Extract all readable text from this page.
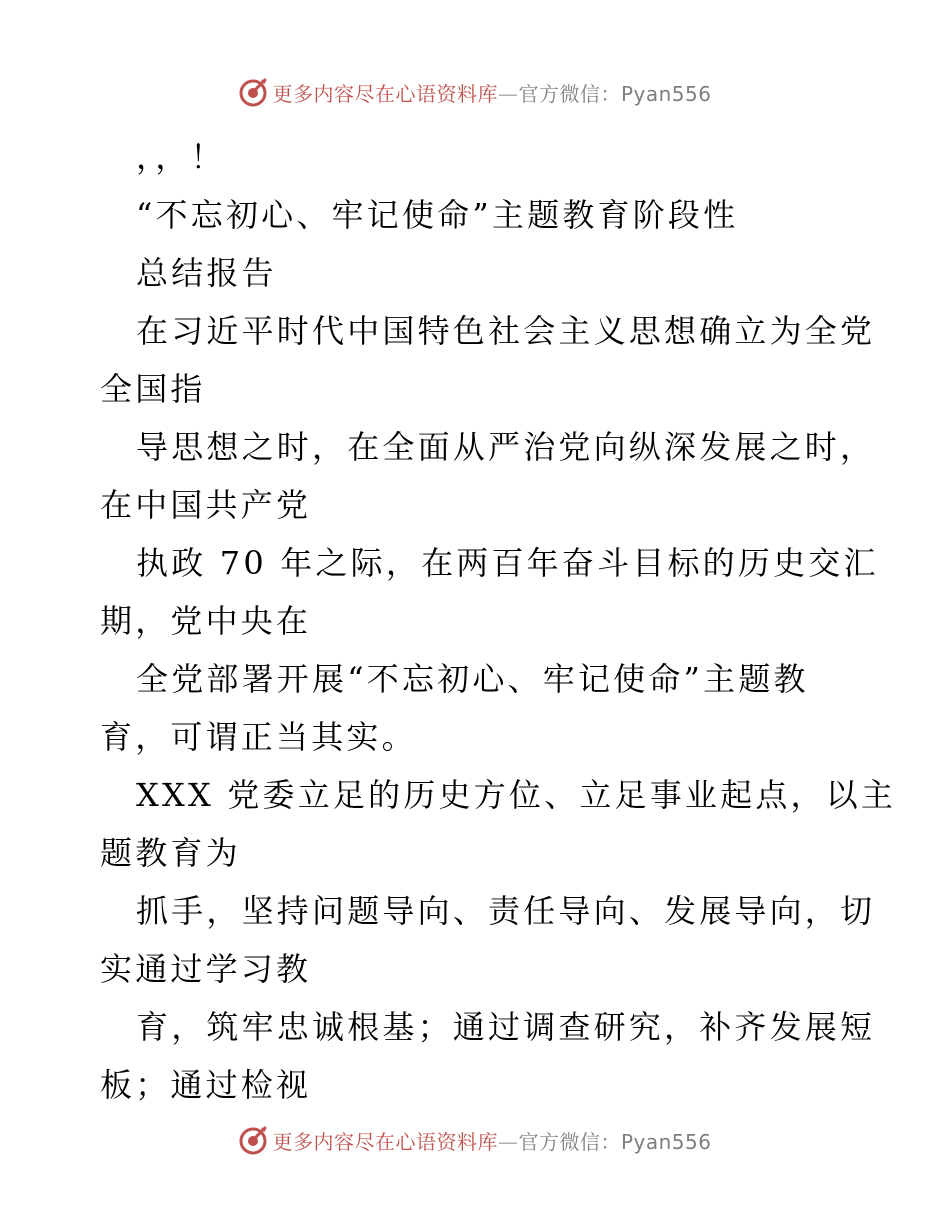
更多内容尽在心语资料库—官方微信：Pyan556
，，！
“不忘初心、牢记使命”主题教育阶段性
总结报告
在习近平时代中国特色社会主义思想确立为全党
全国指
导思想之时，在全面从严治党向纵深发展之时，
在中国共产党
执政 70 年之际，在两百年奋斗目标的历史交汇
期，党中央在
全党部署开展“不忘初心、牢记使命”主题教
育，可谓正当其实。
XXX 党委立足的历史方位、立足事业起点，以主
题教育为
抓手，坚持问题导向、责任导向、发展导向，切
实通过学习教
育，筑牢忠诚根基；通过调查研究，补齐发展短
板；通过检视
更多内容尽在心语资料库—官方微信：Pyan556
